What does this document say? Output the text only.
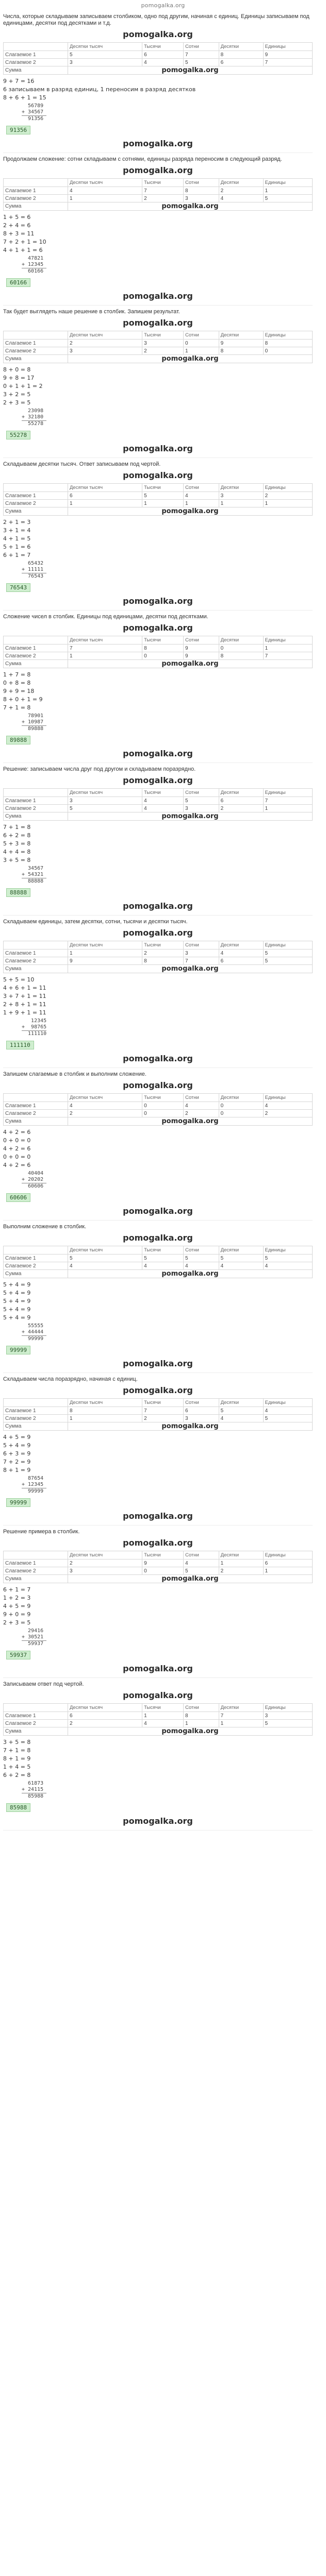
pomogalka.org

Числа, которые складываем записываем столбиком, одно под другим, начиная с единиц. Единицы записываем под единицами, десятки под десятками и т.д.

pomogalka.org
	Десятки тысяч	Тысячи	Сотни	Десятки	Единицы
Слагаемое 1	5	6	7	8	9
Слагаемое 2	3	4	5	6	7
Сумма	pomogalka.org				
9 + 7 = 16
6 записываем в разряд единиц, 1 переносим в разряд десятков
8 + 6 + 1 = 15
56789
+ 34567
91356
91356
pomogalka.org

Продолжаем сложение: сотни складываем с сотнями, единицы разряда переносим в следующий разряд.

pomogalka.org
	Десятки тысяч	Тысячи	Сотни	Десятки	Единицы
Слагаемое 1	4	7	8	2	1
Слагаемое 2	1	2	3	4	5
Сумма	pomogalka.org				
1 + 5 = 6
2 + 4 = 6
8 + 3 = 11
7 + 2 + 1 = 10
4 + 1 + 1 = 6
47821
+ 12345
60166
60166
pomogalka.org

Так будет выглядеть наше решение в столбик. Запишем результат.

pomogalka.org
	Десятки тысяч	Тысячи	Сотни	Десятки	Единицы
Слагаемое 1	2	3	0	9	8
Слагаемое 2	3	2	1	8	0
Сумма	pomogalka.org				
8 + 0 = 8
9 + 8 = 17
0 + 1 + 1 = 2
3 + 2 = 5
2 + 3 = 5
23098
+ 32180
55278
55278
pomogalka.org

Складываем десятки тысяч. Ответ записываем под чертой.

pomogalka.org
	Десятки тысяч	Тысячи	Сотни	Десятки	Единицы
Слагаемое 1	6	5	4	3	2
Слагаемое 2	1	1	1	1	1
Сумма	pomogalka.org				
2 + 1 = 3
3 + 1 = 4
4 + 1 = 5
5 + 1 = 6
6 + 1 = 7
65432
+ 11111
76543
76543
pomogalka.org

Сложение чисел в столбик. Единицы под единицами, десятки под десятками.

pomogalka.org
	Десятки тысяч	Тысячи	Сотни	Десятки	Единицы
Слагаемое 1	7	8	9	0	1
Слагаемое 2	1	0	9	8	7
Сумма	pomogalka.org				
1 + 7 = 8
0 + 8 = 8
9 + 9 = 18
8 + 0 + 1 = 9
7 + 1 = 8
78901
+ 10987
89888
89888
pomogalka.org

Решение: записываем числа друг под другом и складываем поразрядно.

pomogalka.org
	Десятки тысяч	Тысячи	Сотни	Десятки	Единицы
Слагаемое 1	3	4	5	6	7
Слагаемое 2	5	4	3	2	1
Сумма	pomogalka.org				
7 + 1 = 8
6 + 2 = 8
5 + 3 = 8
4 + 4 = 8
3 + 5 = 8
34567
+ 54321
88888
88888
pomogalka.org

Складываем единицы, затем десятки, сотни, тысячи и десятки тысяч.

pomogalka.org
	Десятки тысяч	Тысячи	Сотни	Десятки	Единицы
Слагаемое 1	1	2	3	4	5
Слагаемое 2	9	8	7	6	5
Сумма	pomogalka.org				
5 + 5 = 10
4 + 6 + 1 = 11
3 + 7 + 1 = 11
2 + 8 + 1 = 11
1 + 9 + 1 = 11
12345
+  98765
111110
111110
pomogalka.org

Запишем слагаемые в столбик и выполним сложение.

pomogalka.org
	Десятки тысяч	Тысячи	Сотни	Десятки	Единицы
Слагаемое 1	4	0	4	0	4
Слагаемое 2	2	0	2	0	2
Сумма	pomogalka.org				
4 + 2 = 6
0 + 0 = 0
4 + 2 = 6
0 + 0 = 0
4 + 2 = 6
40404
+ 20202
60606
60606
pomogalka.org

Выполним сложение в столбик.

pomogalka.org
	Десятки тысяч	Тысячи	Сотни	Десятки	Единицы
Слагаемое 1	5	5	5	5	5
Слагаемое 2	4	4	4	4	4
Сумма	pomogalka.org				
5 + 4 = 9
5 + 4 = 9
5 + 4 = 9
5 + 4 = 9
5 + 4 = 9
55555
+ 44444
99999
99999
pomogalka.org

Складываем числа поразрядно, начиная с единиц.

pomogalka.org
	Десятки тысяч	Тысячи	Сотни	Десятки	Единицы
Слагаемое 1	8	7	6	5	4
Слагаемое 2	1	2	3	4	5
Сумма	pomogalka.org				
4 + 5 = 9
5 + 4 = 9
6 + 3 = 9
7 + 2 = 9
8 + 1 = 9
87654
+ 12345
99999
99999
pomogalka.org

Решение примера в столбик.

pomogalka.org
	Десятки тысяч	Тысячи	Сотни	Десятки	Единицы
Слагаемое 1	2	9	4	1	6
Слагаемое 2	3	0	5	2	1
Сумма	pomogalka.org				
6 + 1 = 7
1 + 2 = 3
4 + 5 = 9
9 + 0 = 9
2 + 3 = 5
29416
+ 30521
59937
59937
pomogalka.org

Записываем ответ под чертой.

pomogalka.org
	Десятки тысяч	Тысячи	Сотни	Десятки	Единицы
Слагаемое 1	6	1	8	7	3
Слагаемое 2	2	4	1	1	5
Сумма	pomogalka.org				
3 + 5 = 8
7 + 1 = 8
8 + 1 = 9
1 + 4 = 5
6 + 2 = 8
61873
+ 24115
85988
85988
pomogalka.org
